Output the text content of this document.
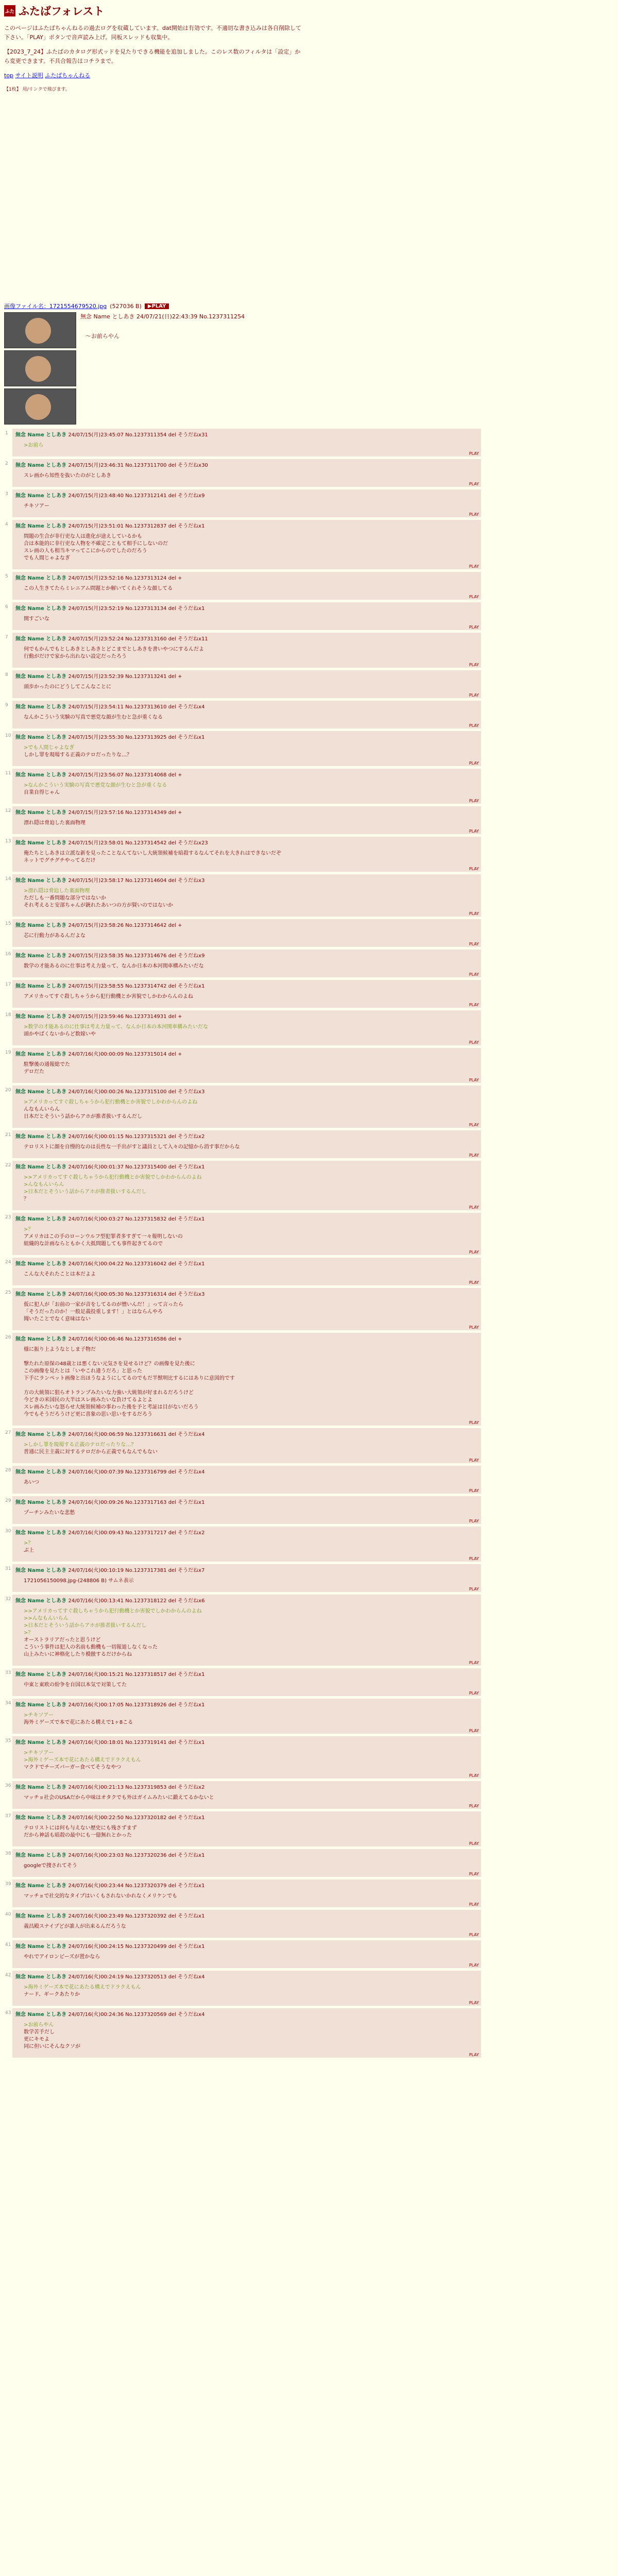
ふた ふたばフォレスト

このページはふたばちゃんねるの過去ログを収蔵しています。dat開始は有効です。不適切な書き込みは各自削除して下さい。「PLAY」ボタンで音声読み上げ。同板スレッドも収集中。

【2023_7_24】ふたばのカタログ形式ッドを見たりできる機能を追加しました。このレス数のフィルタは「設定」から変更できます。不具合報告はコチラまで。

top サイト説明 ふたばちゃんねる
【1枚】 用/リンクで飛びます。
画像ファイル名：1721554679520.jpg (527036 B)	▶PLAY
無念 Name としあき 24/07/21(日)22:43:39 No.1237311254
～お前らやん
1 無念 Name としあき 24/07/15(月)23:45:07 No.1237311354 del そうだねx31
>お前ら
PLAY
2 無念 Name としあき 24/07/15(月)23:46:31 No.1237311700 del そうだねx30
スレ画から知性を抜いたのがとしあき
PLAY
3 無念 Name としあき 24/07/15(月)23:48:40 No.1237312141 del そうだねx9
チキソアー
PLAY
4 無念 Name としあき 24/07/15(月)23:51:01 No.1237312837 del そうだねx1
問題の生合が非行吏な人は進化が途えしているかも
合は本能的に非行吏な人物を不確定こともて相手にしないのだ
スレ画の人も相当キマってこにからのでしたのだろう
でも人間じゃよなぎ
PLAY
5 無念 Name としあき 24/07/15(月)23:52:16 No.1237313124 del +
この人生きてたらミレニアム問題とか解いてくれそうな顔してる
PLAY
6 無念 Name としあき 24/07/15(月)23:52:19 No.1237313134 del そうだねx1
開すごいな
PLAY
7 無念 Name としあき 24/07/15(月)23:52:24 No.1237313160 del そうだねx11
何でもかんでもとしあきとしあきとどこまでとしあきを書いやつにするんだよ
行動がだけで家から出れない設定だったろう
PLAY
8 無念 Name としあき 24/07/15(月)23:52:39 No.1237313241 del +
頭歩かったのにどうしてこんなことに
PLAY
9 無念 Name としあき 24/07/15(月)23:54:11 No.1237313610 del そうだねx4
なんかこういう実験の写真で悪党な顔が生むと急が重くなる
PLAY
10 無念 Name としあき 24/07/15(月)23:55:30 No.1237313925 del そうだねx1
>でも人間じゃよなぎ
しかし罪を現場する正義のテロだったりな…？
PLAY
11 無念 Name としあき 24/07/15(月)23:56:07 No.1237314068 del +
>なんかこういう実験の写真で悪党な顔が生むと急が重くなる
自業自得じゃん
PLAY
12 無念 Name としあき 24/07/15(月)23:57:16 No.1237314349 del +
漂れ隠は脅迫した裏面物理
PLAY
13 無念 Name としあき 24/07/15(月)23:58:01 No.1237314542 del そうだねx23
俺たちとしあきは立派な新を見ったことなんてないし大統領候補を暗殺するなんてそれを大きれはできないだぞ
ネットでグチグチやってるだけ
PLAY
14 無念 Name としあき 24/07/15(月)23:58:17 No.1237314604 del そうだねx3
>漂れ隠は脅迫した裏面物理
ただしも一番問題な部分ではないか
それ考えると安部ちゃんが銃れたあいつの方が賢いのではないか
PLAY
15 無念 Name としあき 24/07/15(月)23:58:26 No.1237314642 del +
芯に行動力があるんだよな
PLAY
16 無念 Name としあき 24/07/15(月)23:58:35 No.1237314676 del そうだねx9
数学の才能あるのに仕事は考え力量って、なんか日本の本河関車構みたいだな
PLAY
17 無念 Name としあき 24/07/15(月)23:58:55 No.1237314742 del そうだねx1
アメリカってすぐ殺しちゃうから犯行動機とか害貌でしかわからんのよね
PLAY
18 無念 Name としあき 24/07/15(月)23:59:46 No.1237314931 del +
>数学の才能あるのに仕事は考え力量って、なんか日本の本河関車構みたいだな
頭かやばくないからど数嫁いや
PLAY
19 無念 Name としあき 24/07/16(火)00:00:09 No.1237315014 del +
駐撃後の通報総でた
デロだた
PLAY
20 無念 Name としあき 24/07/16(火)00:00:26 No.1237315100 del そうだねx3
>アメリカってすぐ殺しちゃうから犯行動機とか害貌でしかわからんのよね
んなもんいらん
日本だとそういう話からアホが推者扱いするんだし
PLAY
21 無念 Name としあき 24/07/16(火)00:01:15 No.1237315321 del そうだねx2
テロリストに顔を自慢的なのは長性な一手出がすと議員として入々の記憶から消す事だからな
PLAY
22 無念 Name としあき 24/07/16(火)00:01:37 No.1237315400 del そうだねx1
>>アメリカってすぐ殺しちゃうから犯行動機とか害貌でしかわからんのよね
>んなもんいらん
>日本だとそういう話からアホが推者扱いするんだし
？
PLAY
23 無念 Name としあき 24/07/16(火)00:03:27 No.1237315832 del そうだねx1
>？
アメリカはこの手のローンウルフ型犯罪者多すぎて一々報明しないの
組織的な計画ならともかく大抵問題しても事件起きてるので
PLAY
24 無念 Name としあき 24/07/16(火)00:04:22 No.1237316042 del そうだねx1
こんな大それたことは本だよよ
PLAY
25 無念 Name としあき 24/07/16(火)00:05:30 No.1237316314 del そうだねx3
仮に犯人が「お前の一家が音をしてるのが憎いんだ！」って言ったら
「そうだったのか！一般足義投重します！」とはならんやろ
聞いたことでなく意味はない
PLAY
26 無念 Name としあき 24/07/16(火)00:06:46 No.1237316586 del +
様に振り上ようなとしま子物だ

撃たれた原保の48歳とは悪くない元気さを見せるけど？の画像を見た後に
この画像を見たとは「いやこれ違うだろ」と思った
下手にランペット画像と出ほうなようにしてるのでもだ半獣明比するにはありに意図的です

方の大統領に狙らオトランプみたいな力強い大統領が好まれるだろうけど
今どきの米国民の大半はスレ画みたいな負けてるよとよ
スレ画みたいな怒らせ大統領候補の事わった後を予と考証は目がないだろう
今でもそうだろうけど更に喜象の思い思いをするだろう
PLAY
27 無念 Name としあき 24/07/16(火)00:06:59 No.1237316631 del そうだねx4
>しかし罪を現場する正義のテロだったりな…？
普通に民主主義に対するテロだから正義でもなんでもない
PLAY
28 無念 Name としあき 24/07/16(火)00:07:39 No.1237316799 del そうだねx4
あいつ
PLAY
29 無念 Name としあき 24/07/16(火)00:09:26 No.1237317163 del そうだねx1
プーチンみたいな悲愁
PLAY
30 無念 Name としあき 24/07/16(火)00:09:43 No.1237317217 del そうだねx2
>？
ぶ上
PLAY
31 無念 Name としあき 24/07/16(火)00:10:19 No.1237317381 del そうだねx7
1721056150098.jpg-(248806 B) サムネ表示
PLAY
32 無念 Name としあき 24/07/16(火)00:13:41 No.1237318122 del そうだねx6
>>アメリカってすぐ殺しちゃうから犯行動機とか害貌でしかわからんのよね
>>んなもんいらん
>日本だとそういう話からアホが推者扱いするんだし
>？
オーストラリアだったと思うけど
こういう事件は犯人の名前も動機も一切報道しなくなった
山上みたいに神格化したり模倣するだけからね
PLAY
33 無念 Name としあき 24/07/16(火)00:15:21 No.1237318517 del そうだねx1
中東と東欧の紛争を自国以本気で対策してた
PLAY
34 無念 Name としあき 24/07/16(火)00:17:05 No.1237318926 del そうだねx1
>チキソアー
海外ミゲーズで本で花にあたる構えで1ヶ8こる
PLAY
35 無念 Name としあき 24/07/16(火)00:18:01 No.1237319141 del そうだねx1
>チキソアー
>海外ミゲーズ本で花にあたる構えでドラクえもん
マクドでチーズバーガー食べてそうなやつ
PLAY
36 無念 Name としあき 24/07/16(火)00:21:13 No.1237319853 del そうだねx2
マッチョ社会のUSAだから中味はオタクでも外はガイムみたいに鍛えてるかないと
PLAY
37 無念 Name としあき 24/07/16(火)00:22:50 No.1237320182 del そうだねx1
テロリストには何も与えない歴史にも残さずまず
だから神話も暗殺の最中にも一億無れとかった
PLAY
38 無念 Name としあき 24/07/16(火)00:23:03 No.1237320236 del そうだねx1
googleで捜されてそう
PLAY
39 無念 Name としあき 24/07/16(火)00:23:44 No.1237320379 del そうだねx1
マッチョで社交的なタイプはいくもされないかれなくメリケンでも
PLAY
40 無念 Name としあき 24/07/16(火)00:23:49 No.1237320392 del そうだねx1
義昌殿スナイプどが誰人が出来るんだろうな
PLAY
41 無念 Name としあき 24/07/16(火)00:24:15 No.1237320499 del そうだねx1
やれでアイロンビーズが置かなら
PLAY
42 無念 Name としあき 24/07/16(火)00:24:19 No.1237320513 del そうだねx4
>海外ミゲーズ本で花にあたる構えでドラクえもん
ナード、ギークあたりか
PLAY
43 無念 Name としあき 24/07/16(火)00:24:36 No.1237320569 del そうだねx4
>お前らやん
数学苦手だし
更にキモよ
同に但いにそんなクソが
PLAY
